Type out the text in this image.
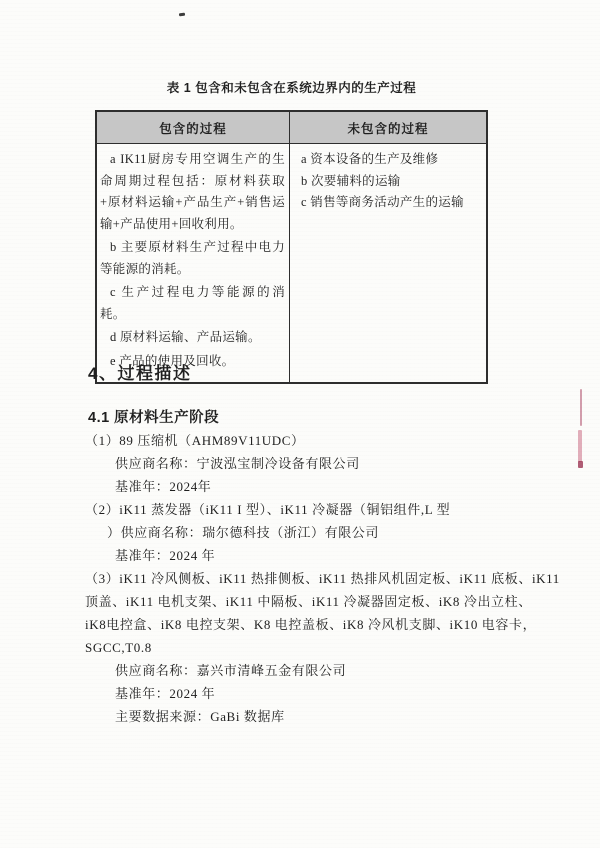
表 1 包含和未包含在系统边界内的生产过程
包含的过程	未包含的过程

a IK11厨房专用空调生产的生命周期过程包括：原材料获取+原材料运输+产品生产+销售运输+产品使用+回收利用。

b 主要原材料生产过程中电力等能源的消耗。

c 生产过程电力等能源的消耗。

d 原材料运输、产品运输。

e 产品的使用及回收。

a 资本设备的生产及维修

b 次要辅料的运输

c 销售等商务活动产生的运输

4、过程描述
4.1 原材料生产阶段
（1）89 压缩机（AHM89V11UDC）
供应商名称：宁波泓宝制冷设备有限公司
基准年：2024年
（2）iK11 蒸发器（iK11 I 型）、iK11 冷凝器（铜铝组件,L 型
）供应商名称：瑞尔德科技（浙江）有限公司
基准年：2024 年
（3）iK11 冷风侧板、iK11 热排侧板、iK11 热排风机固定板、iK11 底板、iK11
顶盖、iK11 电机支架、iK11 中隔板、iK11 冷凝器固定板、iK8 冷出立柱、
iK8电控盒、iK8 电控支架、K8 电控盖板、iK8 冷风机支脚、iK10 电容卡，
SGCC,T0.8
供应商名称：嘉兴市清峰五金有限公司
基准年：2024 年
主要数据来源：GaBi 数据库
